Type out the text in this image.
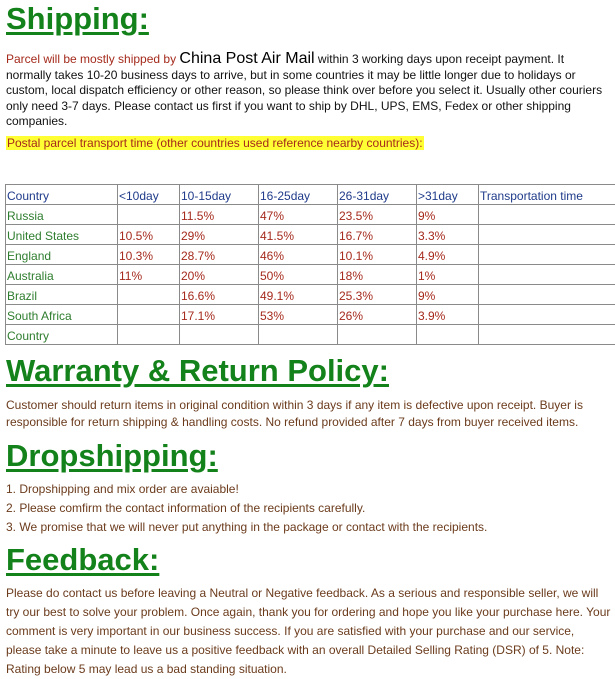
Shipping:
Parcel will be mostly shipped by China Post Air Mail within 3 working days upon receipt payment. It normally takes 10-20 business days to arrive, but in some countries it may be little longer due to holidays or custom, local dispatch efficiency or other reason, so please think over before you select it. Usually other couriers only need 3-7 days. Please contact us first if you want to ship by DHL, UPS, EMS, Fedex or other shipping companies.
Postal parcel transport time (other countries used reference nearby countries):
Country	<10day	10-15day	16-25day	26-31day	>31day	Transportation time
Russia		11.5%	47%	23.5%	9%	
United States	10.5%	29%	41.5%	16.7%	3.3%	
England	10.3%	28.7%	46%	10.1%	4.9%	
Australia	11%	20%	50%	18%	1%	
Brazil		16.6%	49.1%	25.3%	9%	
South Africa		17.1%	53%	26%	3.9%	
Country						
Warranty & Return Policy:
Customer should return items in original condition within 3 days if any item is defective upon receipt. Buyer is responsible for return shipping & handling costs. No refund provided after 7 days from buyer received items.
Dropshipping:
1. Dropshipping and mix order are avaiable!
2. Please comfirm the contact information of the recipients carefully.
3. We promise that we will never put anything in the package or contact with the recipients.
Feedback:
Please do contact us before leaving a Neutral or Negative feedback. As a serious and responsible seller, we will try our best to solve your problem. Once again, thank you for ordering and hope you like your purchase here. Your comment is very important in our business success. If you are satisfied with your purchase and our service, please take a minute to leave us a positive feedback with an overall Detailed Selling Rating (DSR) of 5. Note: Rating below 5 may lead us a bad standing situation.
